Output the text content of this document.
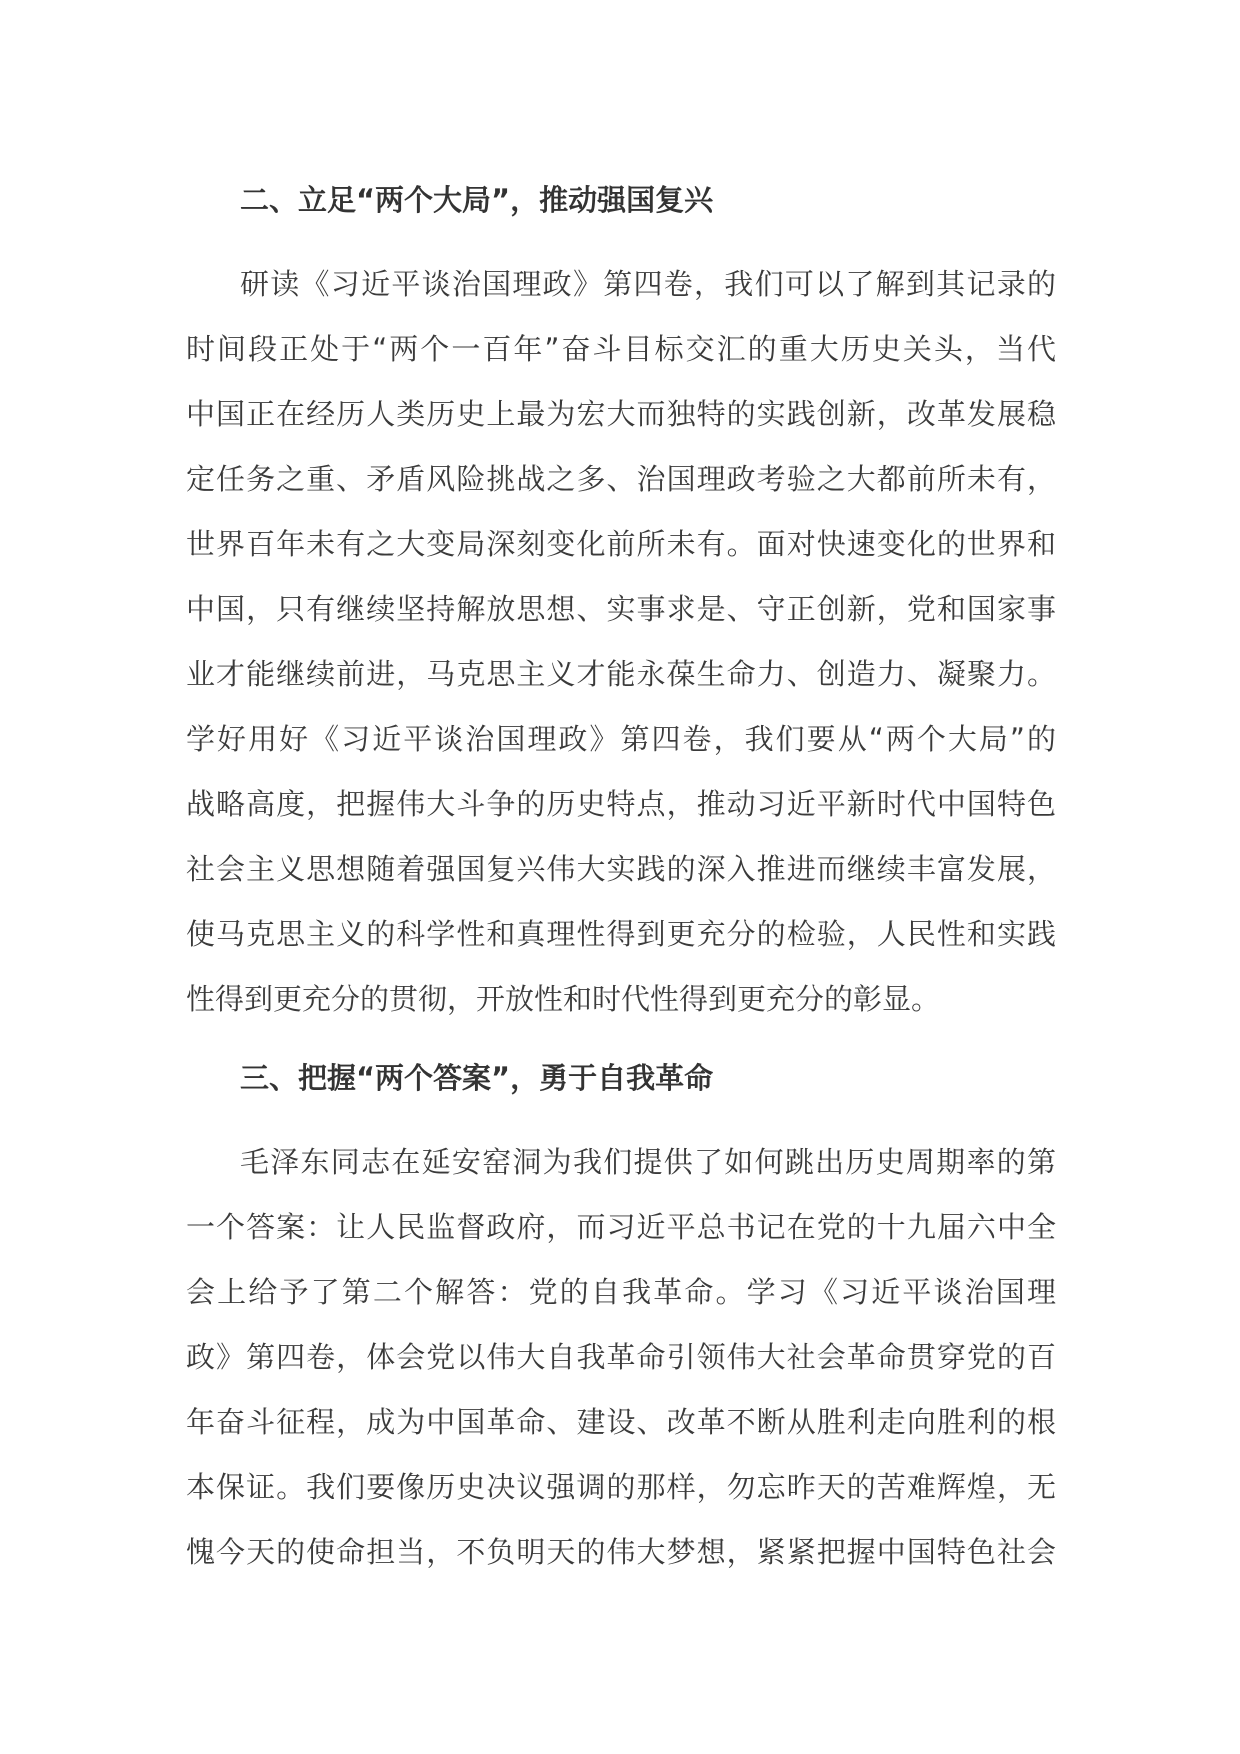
二、立足“两个大局”，推动强国复兴

研读《习近平谈治国理政》第四卷，我们可以了解到其记录的

时间段正处于“两个一百年”奋斗目标交汇的重大历史关头，当代

中国正在经历人类历史上最为宏大而独特的实践创新，改革发展稳

定任务之重、矛盾风险挑战之多、治国理政考验之大都前所未有，

世界百年未有之大变局深刻变化前所未有。面对快速变化的世界和

中国，只有继续坚持解放思想、实事求是、守正创新，党和国家事

业才能继续前进，马克思主义才能永葆生命力、创造力、凝聚力。

学好用好《习近平谈治国理政》第四卷，我们要从“两个大局”的

战略高度，把握伟大斗争的历史特点，推动习近平新时代中国特色

社会主义思想随着强国复兴伟大实践的深入推进而继续丰富发展，

使马克思主义的科学性和真理性得到更充分的检验，人民性和实践

性得到更充分的贯彻，开放性和时代性得到更充分的彰显。

三、把握“两个答案”，勇于自我革命

毛泽东同志在延安窑洞为我们提供了如何跳出历史周期率的第

一个答案：让人民监督政府，而习近平总书记在党的十九届六中全

会上给予了第二个解答：党的自我革命。学习《习近平谈治国理

政》第四卷，体会党以伟大自我革命引领伟大社会革命贯穿党的百

年奋斗征程，成为中国革命、建设、改革不断从胜利走向胜利的根

本保证。我们要像历史决议强调的那样，勿忘昨天的苦难辉煌，无

愧今天的使命担当，不负明天的伟大梦想，紧紧把握中国特色社会
